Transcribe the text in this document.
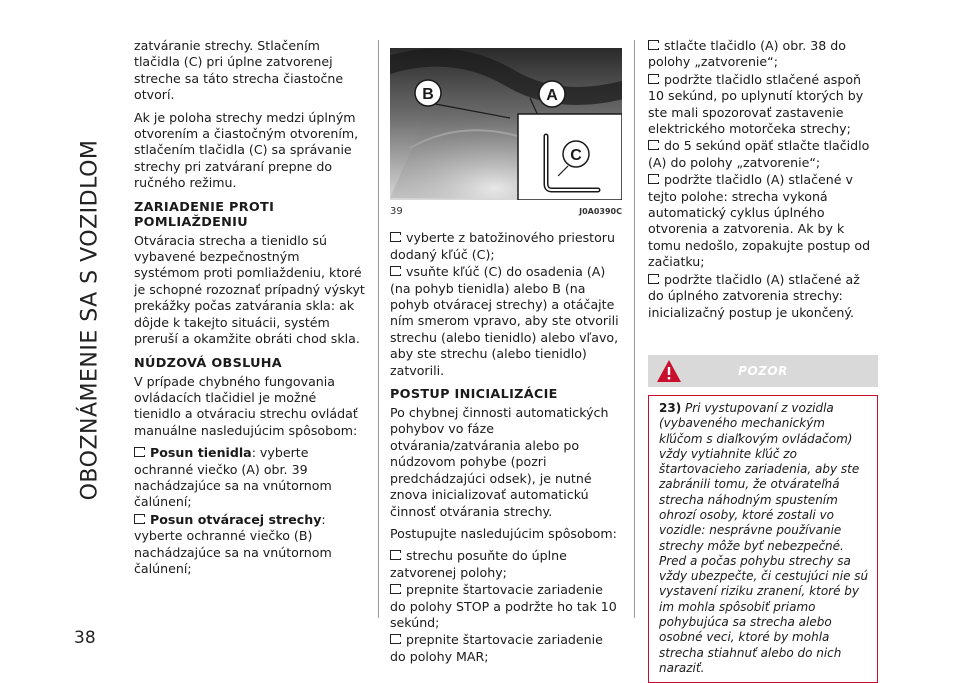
OBOZNÁMENIE SA S VOZIDLOM
38

zatváranie strechy. Stlačením tlačidla (C) pri úplne zatvorenej streche sa táto strecha čiastočne otvorí.

Ak je poloha strechy medzi úplným otvorením a čiastočným otvorením, stlačením tlačidla (C) sa správanie strechy pri zatváraní prepne do ručného režimu.

ZARIADENIE PROTI POMLIAŽDENIU

Otváracia strecha a tienidlo sú vybavené bezpečnostným systémom proti pomliaždeniu, ktoré je schopné rozoznať prípadný výskyt prekážky počas zatvárania skla: ak dôjde k takejto situácii, systém preruší a okamžite obráti chod skla.

NÚDZOVÁ OBSLUHA

V prípade chybného fungovania ovládacích tlačidiel je možné tienidlo a otváraciu strechu ovládať manuálne nasledujúcim spôsobom:

Posun tienidla: vyberte ochranné viečko (A) obr. 39 nachádzajúce sa na vnútornom čalúnení;
Posun otváracej strechy: vyberte ochranné viečko (B) nachádzajúce sa na vnútornom čalúnení;
B	A
C
39	J0A0390C
vyberte z batožinového priestoru dodaný kľúč (C);
vsuňte kľúč (C) do osadenia (A) (na pohyb tienidla) alebo B (na pohyb otváracej strechy) a otáčajte ním smerom vpravo, aby ste otvorili strechu (alebo tienidlo) alebo vľavo, aby ste strechu (alebo tienidlo) zatvorili.
POSTUP INICIALIZÁCIE

Po chybnej činnosti automatických pohybov vo fáze otvárania/zatvárania alebo po núdzovom pohybe (pozri predchádzajúci odsek), je nutné znova inicializovať automatickú činnosť otvárania strechy.

Postupujte nasledujúcim spôsobom:

strechu posuňte do úplne zatvorenej polohy;
prepnite štartovacie zariadenie do polohy STOP a podržte ho tak 10 sekúnd;
prepnite štartovacie zariadenie do polohy MAR;
stlačte tlačidlo (A) obr. 38 do polohy „zatvorenie“;
podržte tlačidlo stlačené aspoň 10 sekúnd, po uplynutí ktorých by ste mali spozorovať zastavenie elektrického motorčeka strechy;
do 5 sekúnd opäť stlačte tlačidlo (A) do polohy „zatvorenie“;
podržte tlačidlo (A) stlačené v tejto polohe: strecha vykoná automatický cyklus úplného otvorenia a zatvorenia. Ak by k tomu nedošlo, zopakujte postup od začiatku;
podržte tlačidlo (A) stlačené až do úplného zatvorenia strechy: inicializačný postup je ukončený.
POZOR
23) Pri vystupovaní z vozidla (vybaveného mechanickým kľúčom s diaľkovým ovládačom) vždy vytiahnite kľúč zo štartovacieho zariadenia, aby ste zabránili tomu, že otvárateľná strecha náhodným spustením ohrozí osoby, ktoré zostali vo vozidle: nesprávne používanie strechy môže byť nebezpečné. Pred a počas pohybu strechy sa vždy ubezpečte, či cestujúci nie sú vystavení riziku zranení, ktoré by im mohla spôsobiť priamo pohybujúca sa strecha alebo osobné veci, ktoré by mohla strecha stiahnuť alebo do nich naraziť.
